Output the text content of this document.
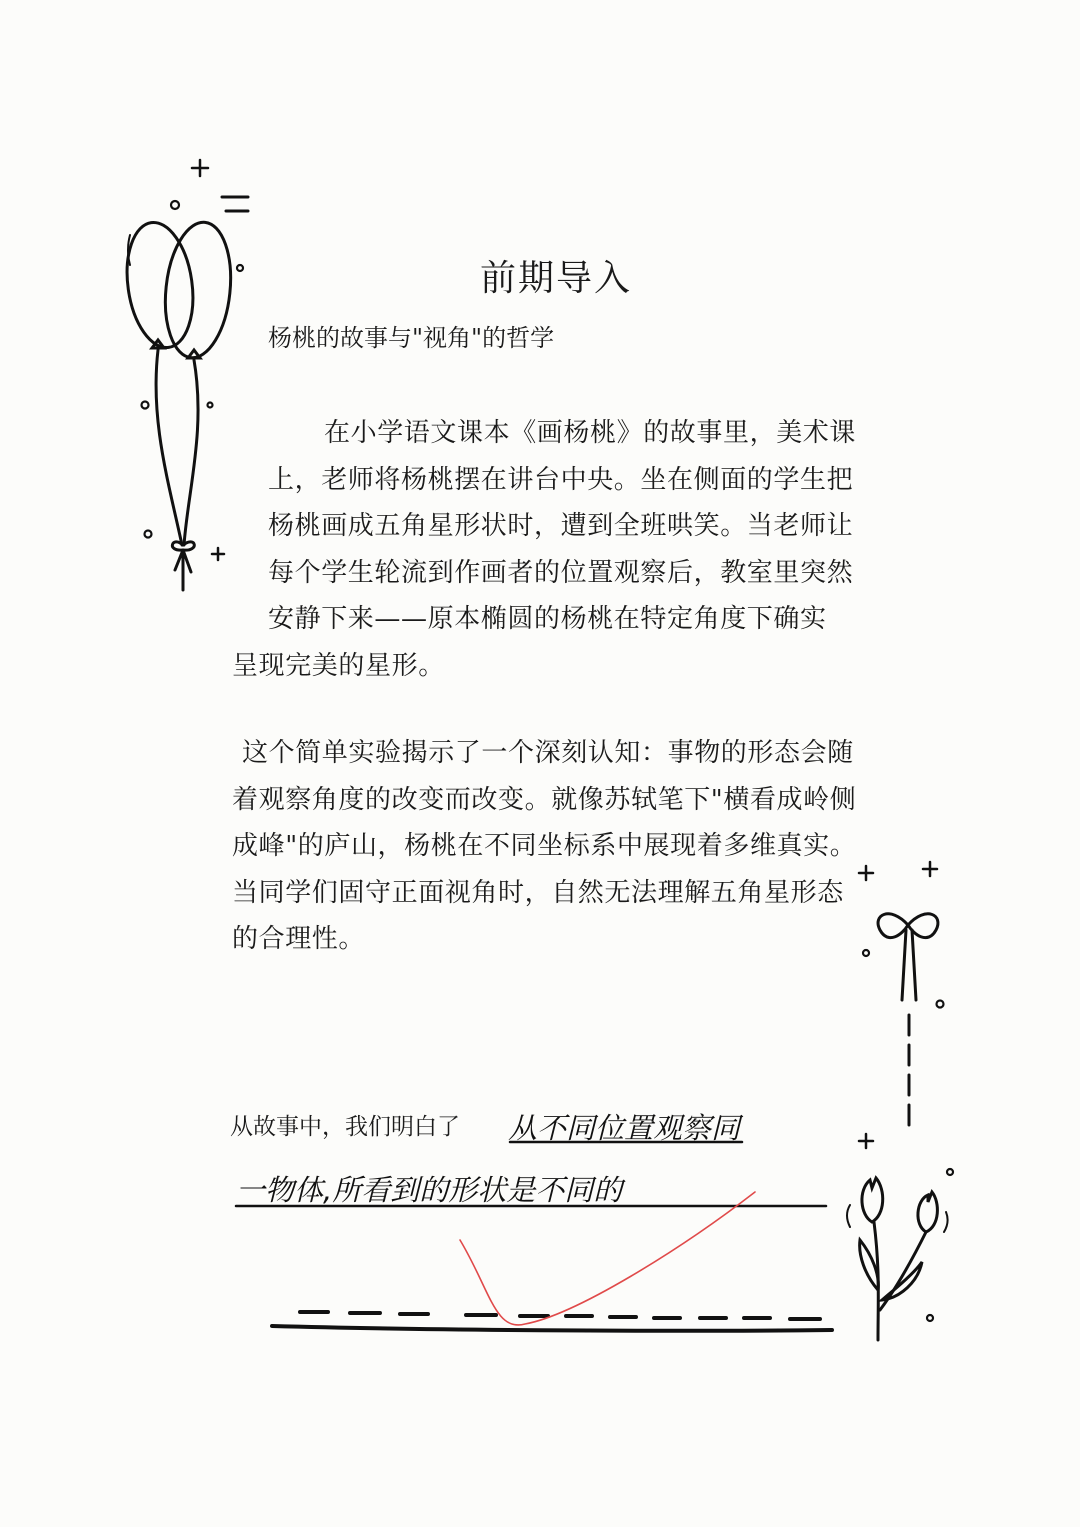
前期导入
杨桃的故事与"视角"的哲学

在小学语文课本《画杨桃》的故事里，美术课
上，老师将杨桃摆在讲台中央。坐在侧面的学生把
杨桃画成五角星形状时，遭到全班哄笑。当老师让
每个学生轮流到作画者的位置观察后，教室里突然
安静下来——原本椭圆的杨桃在特定角度下确实
呈现完美的星形。

这个简单实验揭示了一个深刻认知：事物的形态会随
着观察角度的改变而改变。就像苏轼笔下"横看成岭侧
成峰"的庐山，杨桃在不同坐标系中展现着多维真实。
当同学们固守正面视角时，自然无法理解五角星形态
的合理性。

从故事中，我们明白了 从不同位置观察同
一物体,所看到的形状是不同的
